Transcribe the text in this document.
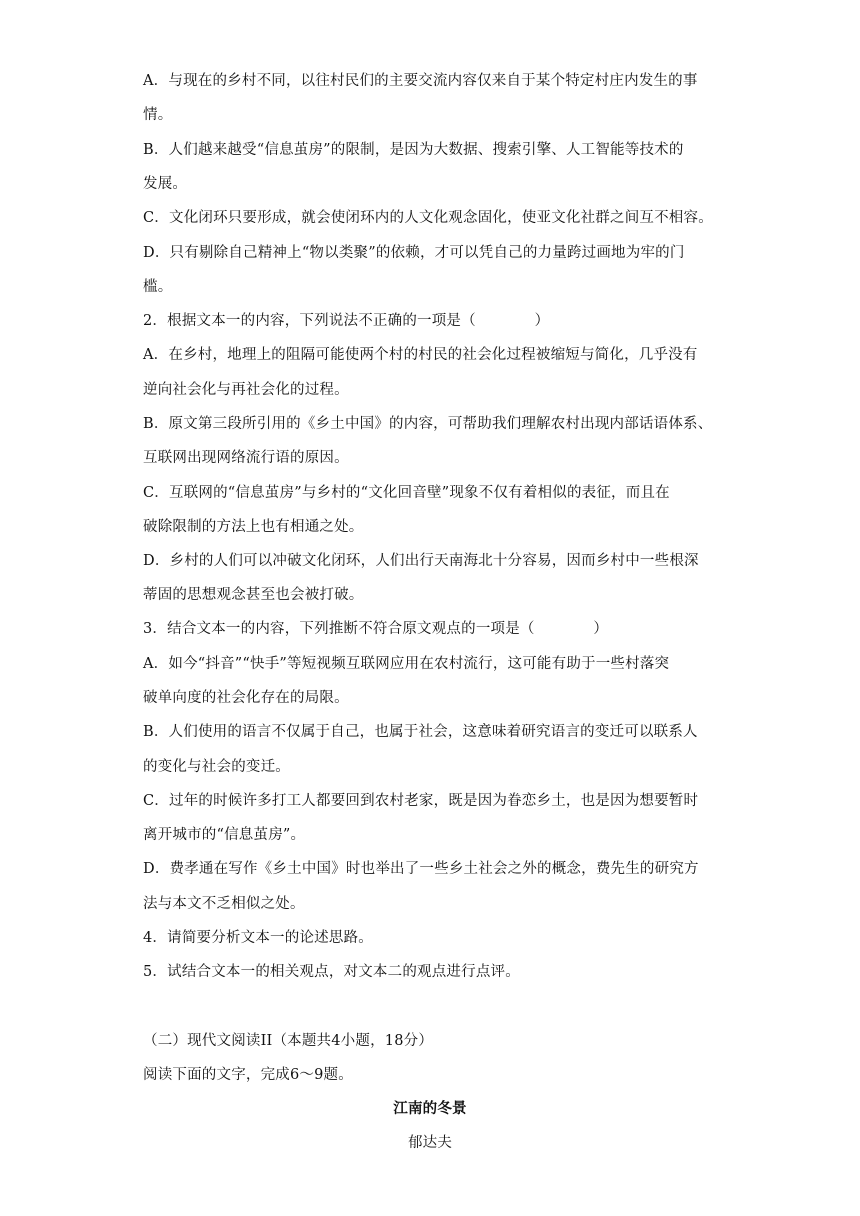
A．与现在的乡村不同，以往村民们的主要交流内容仅来自于某个特定村庄内发生的事
情。
B．人们越来越受“信息茧房”的限制，是因为大数据、搜索引擎、人工智能等技术的
发展。
C．文化闭环只要形成，就会使闭环内的人文化观念固化，使亚文化社群之间互不相容。
D．只有剔除自己精神上“物以类聚”的依赖，才可以凭自己的力量跨过画地为牢的门
槛。
2．根据文本一的内容，下列说法不正确的一项是（　　　　）
A．在乡村，地理上的阻隔可能使两个村的村民的社会化过程被缩短与简化，几乎没有
逆向社会化与再社会化的过程。
B．原文第三段所引用的《乡土中国》的内容，可帮助我们理解农村出现内部话语体系、
互联网出现网络流行语的原因。
C．互联网的“信息茧房”与乡村的“文化回音壁”现象不仅有着相似的表征，而且在
破除限制的方法上也有相通之处。
D．乡村的人们可以冲破文化闭环，人们出行天南海北十分容易，因而乡村中一些根深
蒂固的思想观念甚至也会被打破。
3．结合文本一的内容，下列推断不符合原文观点的一项是（　　　　）
A．如今“抖音”“快手”等短视频互联网应用在农村流行，这可能有助于一些村落突
破单向度的社会化存在的局限。
B．人们使用的语言不仅属于自己，也属于社会，这意味着研究语言的变迁可以联系人
的变化与社会的变迁。
C．过年的时候许多打工人都要回到农村老家，既是因为眷恋乡土，也是因为想要暂时
离开城市的“信息茧房”。
D．费孝通在写作《乡土中国》时也举出了一些乡土社会之外的概念，费先生的研究方
法与本文不乏相似之处。
4．请简要分析文本一的论述思路。
5．试结合文本一的相关观点，对文本二的观点进行点评。
（二）现代文阅读II（本题共4小题，18分）
阅读下面的文字，完成6～9题。
江南的冬景
郁达夫
